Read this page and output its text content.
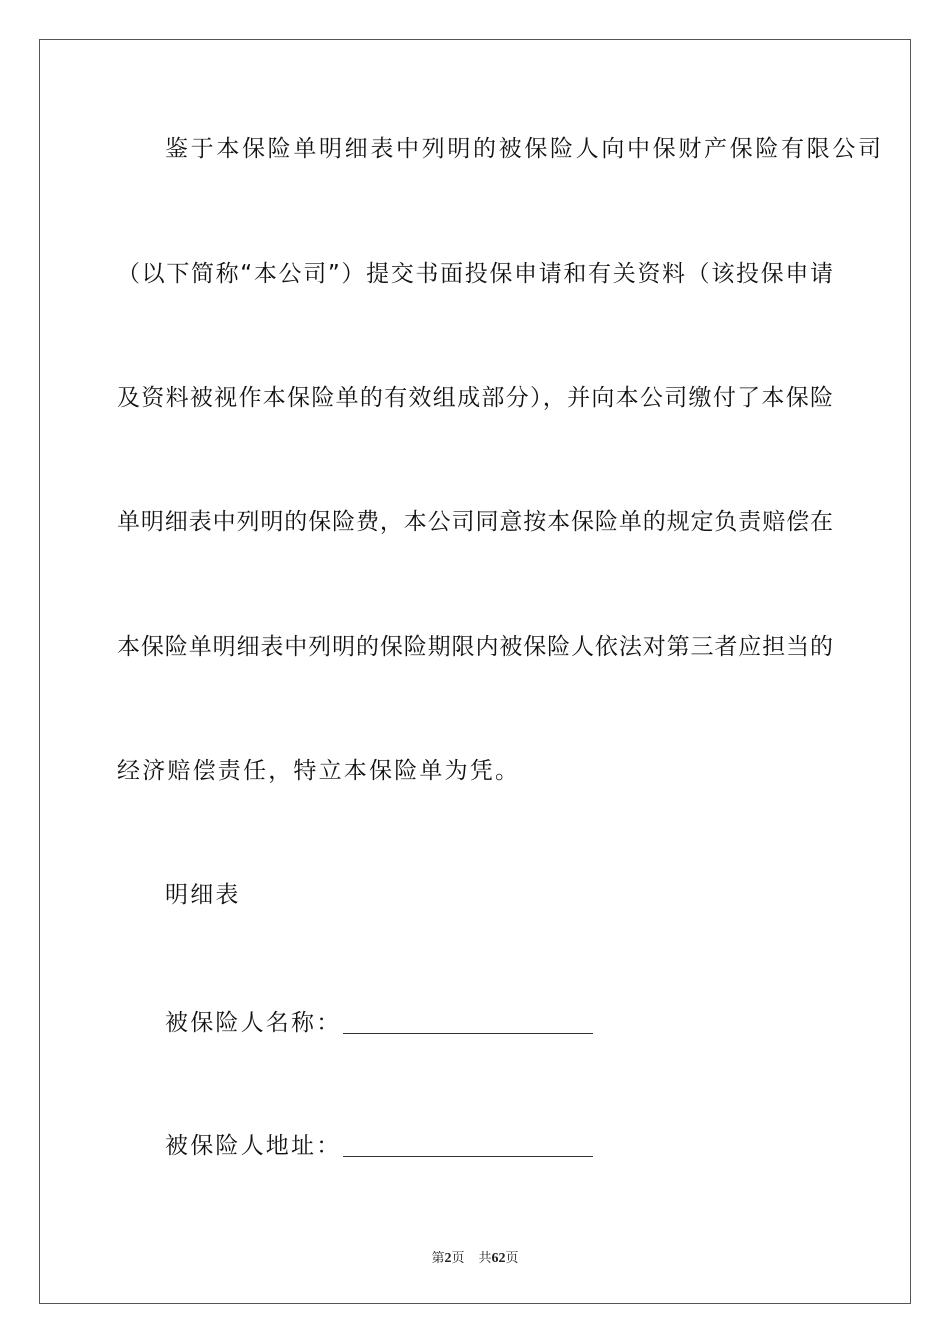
鉴于本保险单明细表中列明的被保险人向中保财产保险有限公司
（以下简称“本公司”）提交书面投保申请和有关资料（该投保申请
及资料被视作本保险单的有效组成部分），并向本公司缴付了本保险
单明细表中列明的保险费，本公司同意按本保险单的规定负责赔偿在
本保险单明细表中列明的保险期限内被保险人依法对第三者应担当的
经济赔偿责任，特立本保险单为凭。
明细表
被保险人名称：
被保险人地址：
第2页 共62页
